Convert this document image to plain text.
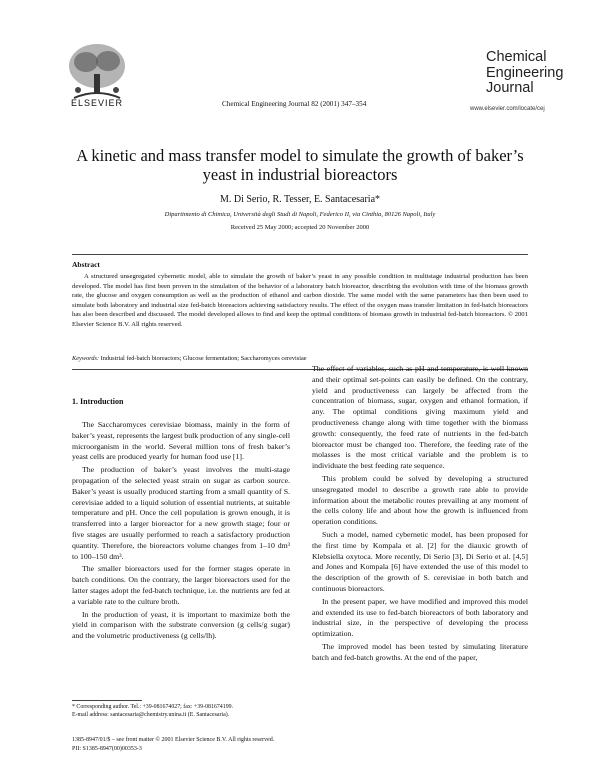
ELSEVIER	Chemical Engineering Journal 82 (2001) 347–354
Chemical
Engineering
Journal
www.elsevier.com/locate/cej
A kinetic and mass transfer model to simulate the growth of baker’s yeast in industrial bioreactors
M. Di Serio, R. Tesser, E. Santacesaria*
Dipartimento di Chimica, Università degli Studi di Napoli, Federico II, via Cinthia, 80126 Napoli, Italy
Received 25 May 2000; accepted 20 November 2000
Abstract
A structured unsegregated cybernetic model, able to simulate the growth of baker’s yeast in any possible condition in multistage industrial production has been developed. The model has first been proven in the simulation of the behavior of a laboratory batch bioreactor, describing the evolution with time of the biomass growth rate, the glucose and oxygen consumption as well as the production of ethanol and carbon dioxide. The same model with the same parameters has then been used to simulate both laboratory and industrial size fed-batch bioreactors achieving satisfactory results. The effect of the oxygen mass transfer limitation in fed-batch bioreactors has also been described and discussed. The model developed allows to find and keep the optimal conditions of biomass growth in industrial fed-batch bioreactors. © 2001 Elsevier Science B.V. All rights reserved.
Keywords: Industrial fed-batch bioreactors; Glucose fermentation; Saccharomyces cerevisiae
1. Introduction

The Saccharomyces cerevisiae biomass, mainly in the form of baker’s yeast, represents the largest bulk production of any single-cell microorganism in the world. Several million tons of fresh baker’s yeast cells are produced yearly for human food use [1].

The production of baker’s yeast involves the multi-stage propagation of the selected yeast strain on sugar as carbon source. Baker’s yeast is usually produced starting from a small quantity of S. cerevisiae added to a liquid solution of essential nutrients, at suitable temperature and pH. Once the cell population is grown enough, it is transferred into a larger bioreactor for a new growth stage; four or five stages are usually performed to reach a satisfactory production quantity. Therefore, the bioreactors volume changes from 1–10 dm³ to 100–150 dm³.

The smaller bioreactors used for the former stages operate in batch conditions. On the contrary, the larger bioreactors used for the latter stages adopt the fed-batch technique, i.e. the nutrients are fed at a variable rate to the culture broth.

In the production of yeast, it is important to maximize both the yield in comparison with the substrate conversion (g cells/g sugar) and the volumetric productiveness (g cells/lh).

The effect of variables, such as pH and temperature, is well known and their optimal set-points can easily be defined. On the contrary, yield and productiveness can largely be affected from the concentration of biomass, sugar, oxygen and ethanol formation, if any. The optimal conditions giving maximum yield and productiveness change along with time together with the biomass growth: consequently, the feed rate of nutrients in the fed-batch bioreactor must be changed too. Therefore, the feeding rate of the molasses is the most critical variable and the problem is to individuate the best feeding rate sequence.

This problem could be solved by developing a structured unsegregated model to describe a growth rate able to provide information about the metabolic routes prevailing at any moment of the cells colony life and about how the growth is influenced from operation conditions.

Such a model, named cybernetic model, has been proposed for the first time by Kompala et al. [2] for the diauxic growth of Klebsiella oxytoca. More recently, Di Serio [3], Di Serio et al. [4,5] and Jones and Kompala [6] have extended the use of this model to the description of the growth of S. cerevisiae in both batch and continuous bioreactors.

In the present paper, we have modified and improved this model and extended its use to fed-batch bioreactors of both laboratory and industrial size, in the perspective of developing the process optimization.

The improved model has been tested by simulating literature batch and fed-batch growths. At the end of the paper,

* Corresponding author. Tel.: +39-081674027; fax: +39-081674199.
E-mail address: santacesaria@chemistry.unina.it (E. Santacesaria).
1385-8947/01/$ – see front matter © 2001 Elsevier Science B.V. All rights reserved.
PII: S1385-8947(00)00353-3
